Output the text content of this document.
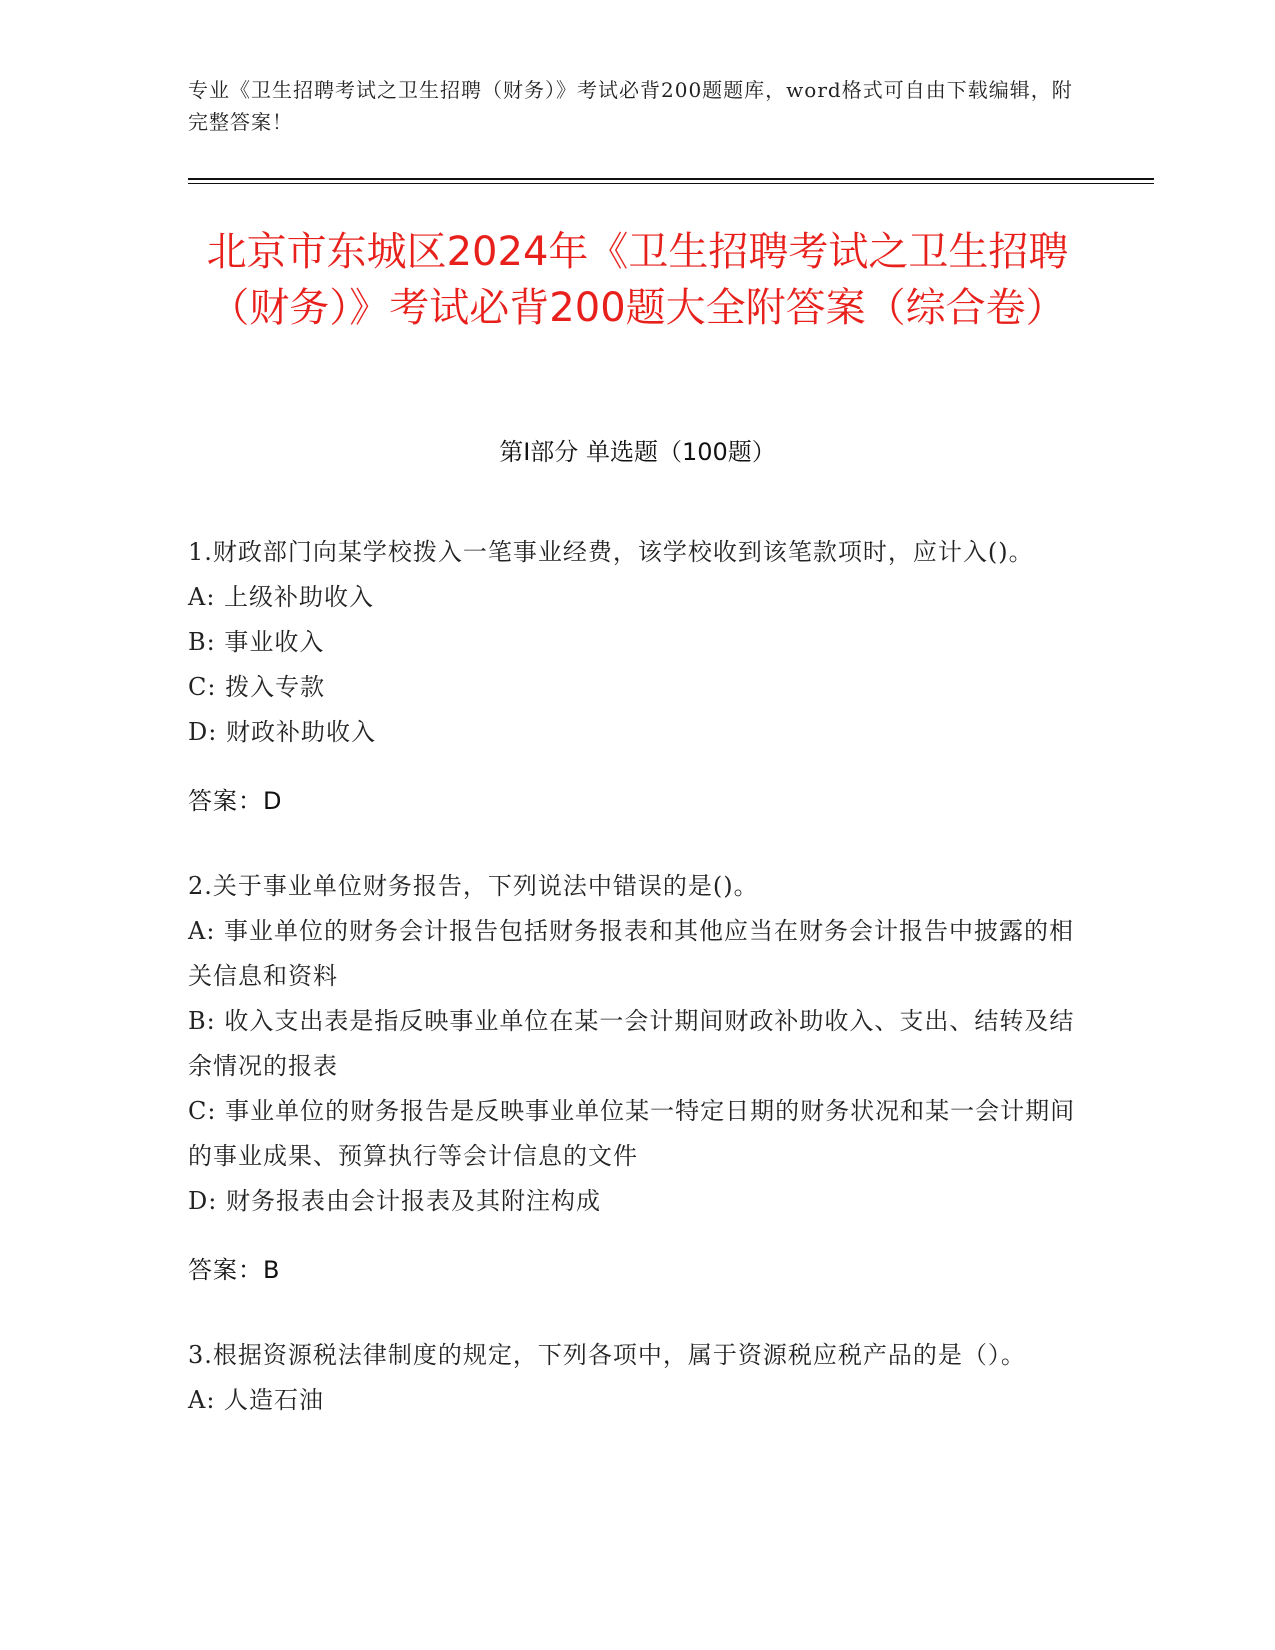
专业《卫生招聘考试之卫生招聘（财务）》考试必背200题题库，word格式可自由下载编辑，附完整答案！
北京市东城区2024年《卫生招聘考试之卫生招聘（财务）》考试必背200题大全附答案（综合卷）
第I部分 单选题（100题）

1.财政部门向某学校拨入一笔事业经费，该学校收到该笔款项时，应计入()。

A: 上级补助收入

B: 事业收入

C: 拨入专款

D: 财政补助收入

答案：D

2.关于事业单位财务报告，下列说法中错误的是()。

A: 事业单位的财务会计报告包括财务报表和其他应当在财务会计报告中披露的相关信息和资料

B: 收入支出表是指反映事业单位在某一会计期间财政补助收入、支出、结转及结余情况的报表

C: 事业单位的财务报告是反映事业单位某一特定日期的财务状况和某一会计期间的事业成果、预算执行等会计信息的文件

D: 财务报表由会计报表及其附注构成

答案：B

3.根据资源税法律制度的规定，下列各项中，属于资源税应税产品的是（）。

A: 人造石油
